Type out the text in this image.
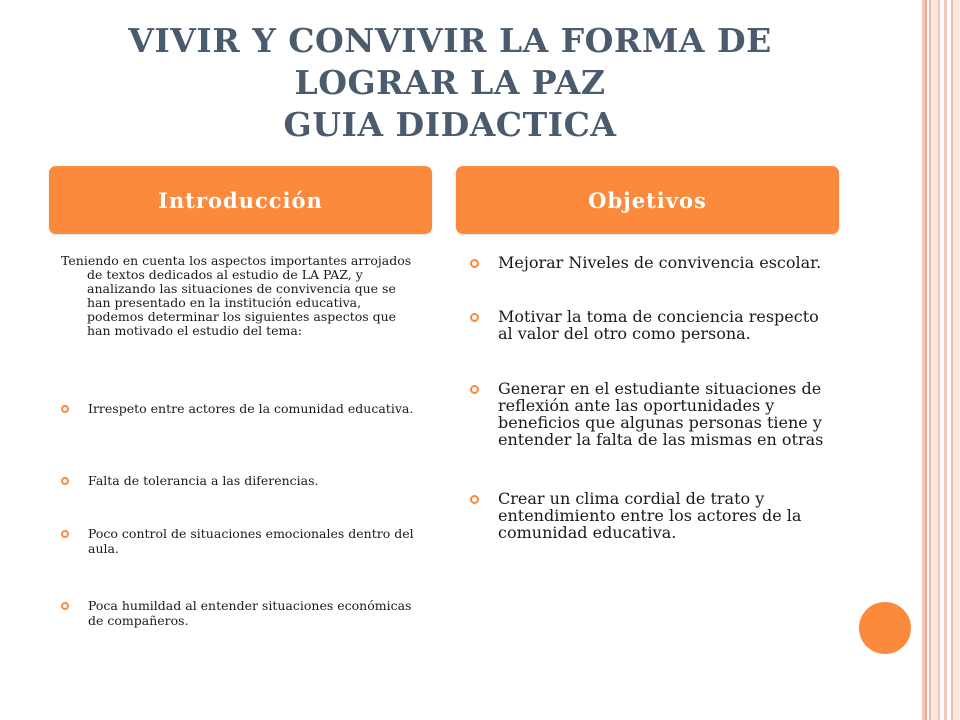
VIVIR Y CONVIVIR LA FORMA DE
LOGRAR LA PAZ
GUIA DIDACTICA
Introducción	Objetivos
Teniendo en cuenta los aspectos importantes arrojados de textos dedicados al estudio de LA PAZ, y analizando las situaciones de convivencia que se han presentado en la institución educativa, podemos determinar los siguientes aspectos que han motivado el estudio del tema:
Irrespeto entre actores de la comunidad educativa.
Falta de tolerancia a las diferencias.
Poco control de situaciones emocionales dentro del aula.
Poca humildad al entender situaciones económicas de compañeros.
Mejorar Niveles de convivencia escolar.
Motivar la toma de conciencia respecto al valor del otro como persona.
Generar en el estudiante situaciones de reflexión ante las oportunidades y beneficios que algunas personas tiene y entender la falta de las mismas en otras
Crear un clima cordial de trato y entendimiento entre los actores de la comunidad educativa.
